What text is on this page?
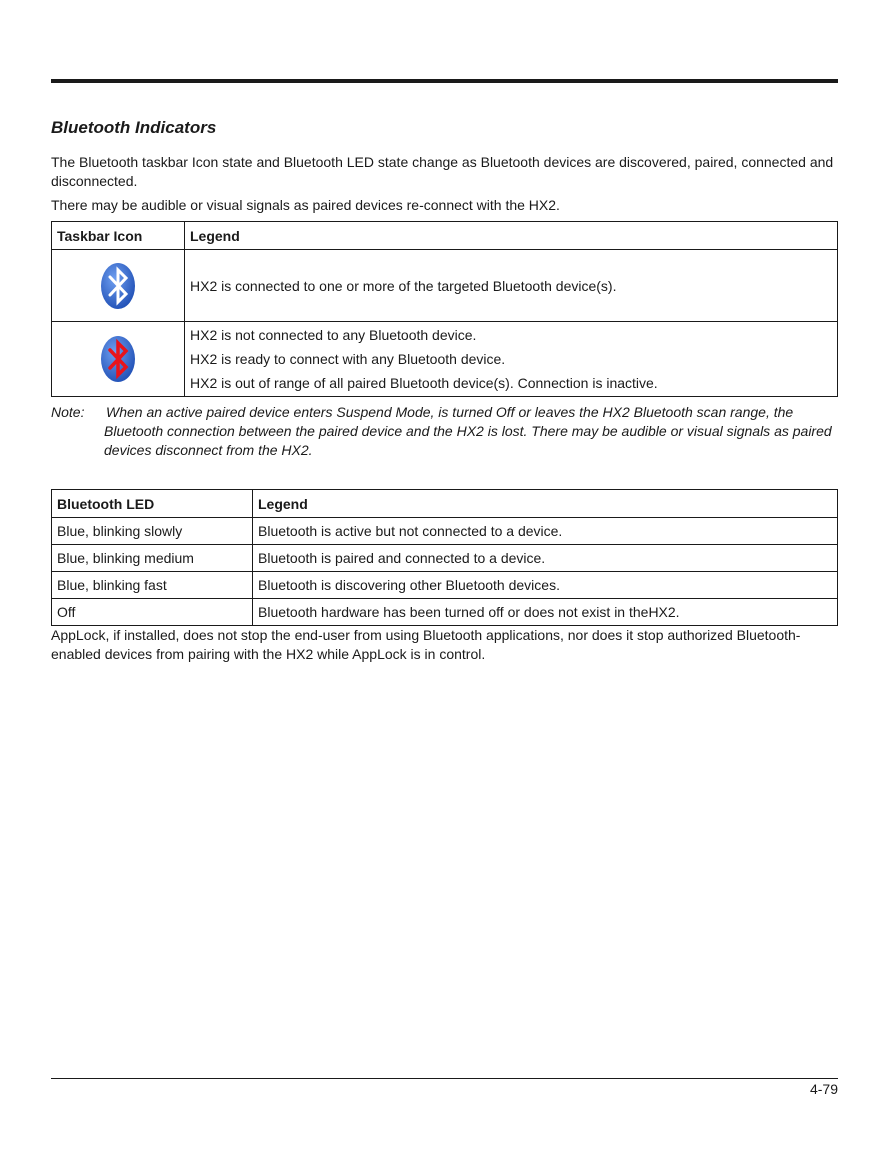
Bluetooth Indicators

The Bluetooth taskbar Icon state and Bluetooth LED state change as Bluetooth devices are discovered, paired, connected and disconnected.

There may be audible or visual signals as paired devices re-connect with the HX2.

Taskbar Icon	Legend

HX2 is connected to one or more of the targeted Bluetooth device(s).

HX2 is not connected to any Bluetooth device.
HX2 is ready to connect with any Bluetooth device.
HX2 is out of range of all paired Bluetooth device(s). Connection is inactive.
Note: When an active paired device enters Suspend Mode, is turned Off or leaves the HX2 Bluetooth scan range, the Bluetooth connection between the paired device and the HX2 is lost. There may be audible or visual signals as paired devices disconnect from the HX2.

Bluetooth LED	Legend
Blue, blinking slowly	Bluetooth is active but not connected to a device.
Blue, blinking medium	Bluetooth is paired and connected to a device.
Blue, blinking fast	Bluetooth is discovering other Bluetooth devices.
Off	Bluetooth hardware has been turned off or does not exist in theHX2.

AppLock, if installed, does not stop the end-user from using Bluetooth applications, nor does it stop authorized Bluetooth-enabled devices from pairing with the HX2 while AppLock is in control.

4-79
